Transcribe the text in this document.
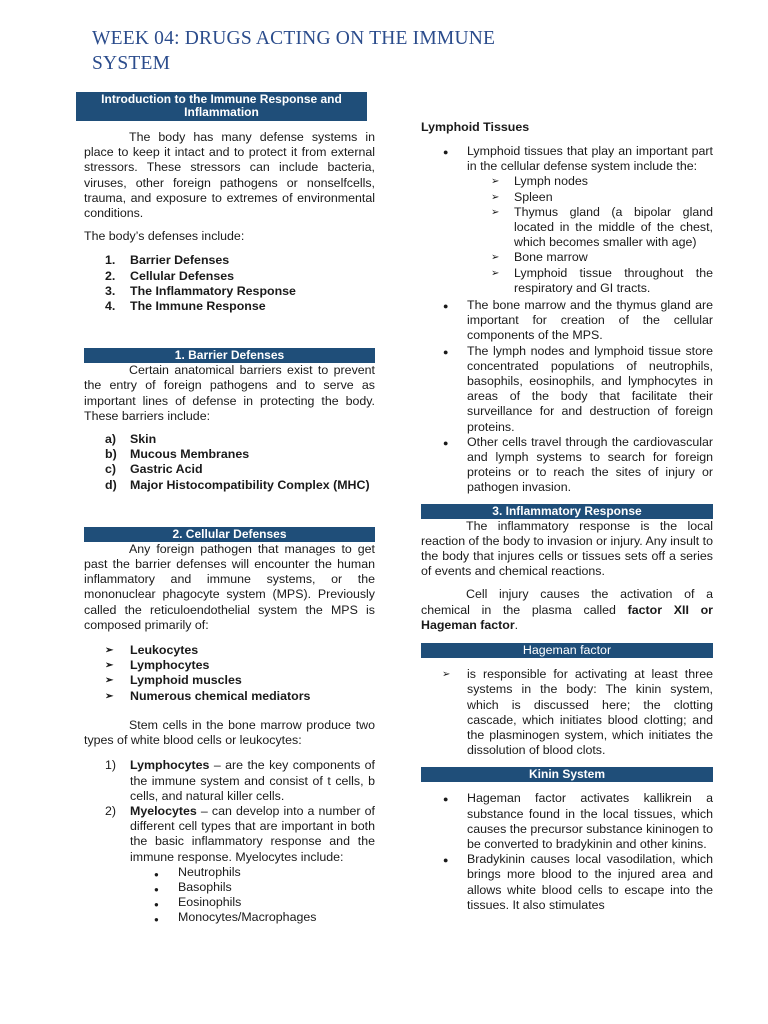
WEEK 04: DRUGS ACTING ON THE IMMUNE SYSTEM
Introduction to the Immune Response and Inflammation

The body has many defense systems in place to keep it intact and to protect it from external stressors. These stressors can include bacteria, viruses, other foreign pathogens or nonselfcells, trauma, and exposure to extremes of environmental conditions.

The body’s defenses include:

1. Barrier Defenses
2. Cellular Defenses
3. The Inflammatory Response
4. The Immune Response
1. Barrier Defenses

Certain anatomical barriers exist to prevent the entry of foreign pathogens and to serve as important lines of defense in protecting the body. These barriers include:

a) Skin
b) Mucous Membranes
c) Gastric Acid
d) Major Histocompatibility Complex (MHC)
2. Cellular Defenses

Any foreign pathogen that manages to get past the barrier defenses will encounter the human inflammatory and immune systems, or the mononuclear phagocyte system (MPS). Previously called the reticuloendothelial system the MPS is composed primarily of:

➢ Leukocytes
➢ Lymphocytes
➢ Lymphoid muscles
➢ Numerous chemical mediators

Stem cells in the bone marrow produce two types of white blood cells or leukocytes:

1) Lymphocytes – are the key components of the immune system and consist of t cells, b cells, and natural killer cells.
2) Myelocytes – can develop into a number of different cell types that are important in both the basic inflammatory response and the immune response. Myelocytes include:
● Neutrophils
● Basophils
● Eosinophils
● Monocytes/Macrophages
Lymphoid Tissues
● Lymphoid tissues that play an important part in the cellular defense system include the:
➢ Lymph nodes
➢ Spleen
➢ Thymus gland (a bipolar gland located in the middle of the chest, which becomes smaller with age)
➢ Bone marrow
➢ Lymphoid tissue throughout the respiratory and GI tracts.
● The bone marrow and the thymus gland are important for creation of the cellular components of the MPS.
● The lymph nodes and lymphoid tissue store concentrated populations of neutrophils, basophils, eosinophils, and lymphocytes in areas of the body that facilitate their surveillance for and destruction of foreign proteins.
● Other cells travel through the cardiovascular and lymph systems to search for foreign proteins or to reach the sites of injury or pathogen invasion.
3. Inflammatory Response

The inflammatory response is the local reaction of the body to invasion or injury. Any insult to the body that injures cells or tissues sets off a series of events and chemical reactions.

Cell injury causes the activation of a chemical in the plasma called factor XII or Hageman factor.

Hageman factor
➢ is responsible for activating at least three systems in the body: The kinin system, which is discussed here; the clotting cascade, which initiates blood clotting; and the plasminogen system, which initiates the dissolution of blood clots.
Kinin System
● Hageman factor activates kallikrein a substance found in the local tissues, which causes the precursor substance kininogen to be converted to bradykinin and other kinins.
● Bradykinin causes local vasodilation, which brings more blood to the injured area and allows white blood cells to escape into the tissues. It also stimulates
